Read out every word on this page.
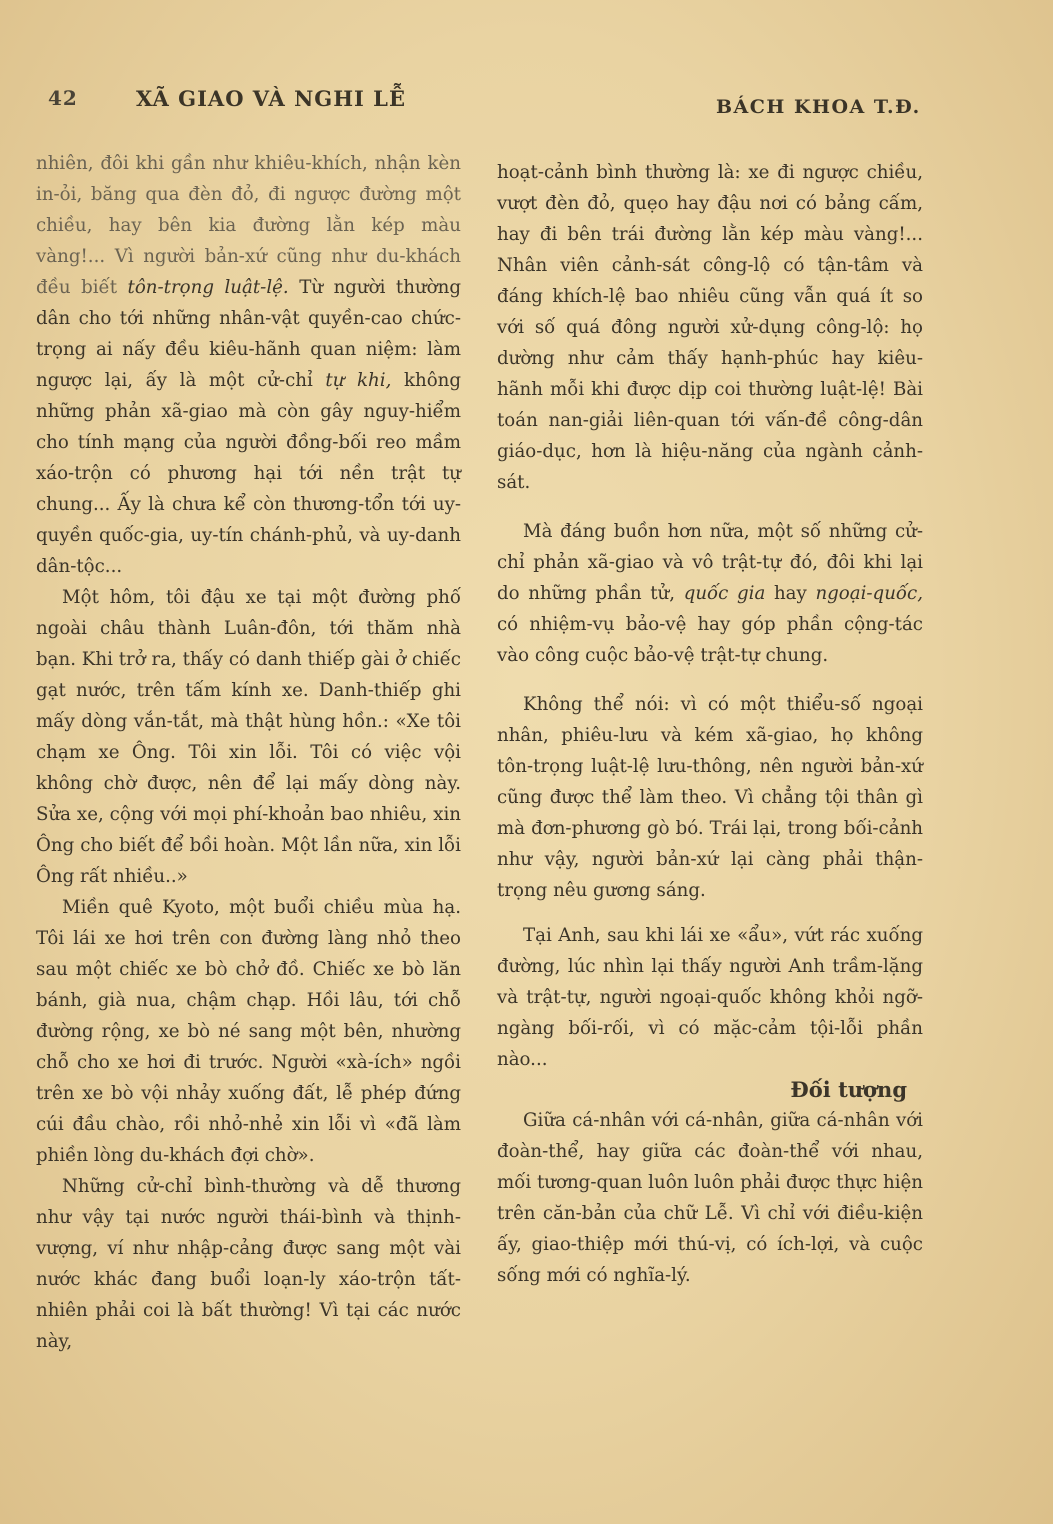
42	XÃ GIAO VÀ NGHI LỄ	BÁCH KHOA T.Đ.

nhiên, đôi khi gần như khiêu-khích, nhận kèn in-ỏi, băng qua đèn đỏ, đi ngược đường một chiều, hay bên kia đường lằn kép màu vàng!... Vì người bản-xứ cũng như du-khách đều biết tôn-trọng luật-lệ. Từ người thường dân cho tới những nhân-vật quyền-cao chức-trọng ai nấy đều kiêu-hãnh quan niệm: làm ngược lại, ấy là một cử-chỉ tự khi, không những phản xã-giao mà còn gây nguy-hiểm cho tính mạng của người đồng-bối reo mầm xáo-trộn có phương hại tới nền trật tự chung... Ấy là chưa kể còn thương-tổn tới uy-quyền quốc-gia, uy-tín chánh-phủ, và uy-danh dân-tộc...

Một hôm, tôi đậu xe tại một đường phố ngoài châu thành Luân-đôn, tới thăm nhà bạn. Khi trở ra, thấy có danh thiếp gài ở chiếc gạt nước, trên tấm kính xe. Danh-thiếp ghi mấy dòng vắn-tắt, mà thật hùng hồn.: «Xe tôi chạm xe Ông. Tôi xin lỗi. Tôi có việc vội không chờ được, nên để lại mấy dòng này. Sửa xe, cộng với mọi phí-khoản bao nhiêu, xin Ông cho biết để bồi hoàn. Một lần nữa, xin lỗi Ông rất nhiều..»

Miền quê Kyoto, một buổi chiều mùa hạ. Tôi lái xe hơi trên con đường làng nhỏ theo sau một chiếc xe bò chở đồ. Chiếc xe bò lăn bánh, già nua, chậm chạp. Hồi lâu, tới chỗ đường rộng, xe bò né sang một bên, nhường chỗ cho xe hơi đi trước. Người «xà-ích» ngồi trên xe bò vội nhảy xuống đất, lễ phép đứng cúi đầu chào, rồi nhỏ-nhẻ xin lỗi vì «đã làm phiền lòng du-khách đợi chờ».

Những cử-chỉ bình-thường và dễ thương như vậy tại nước người thái-bình và thịnh-vượng, ví như nhập-cảng được sang một vài nước khác đang buổi loạn-ly xáo-trộn tất-nhiên phải coi là bất thường! Vì tại các nước này,

hoạt-cảnh bình thường là: xe đi ngược chiều, vượt đèn đỏ, quẹo hay đậu nơi có bảng cấm, hay đi bên trái đường lằn kép màu vàng!... Nhân viên cảnh-sát công-lộ có tận-tâm và đáng khích-lệ bao nhiêu cũng vẫn quá ít so với số quá đông người xử-dụng công-lộ: họ dường như cảm thấy hạnh-phúc hay kiêu-hãnh mỗi khi được dịp coi thường luật-lệ! Bài toán nan-giải liên-quan tới vấn-đề công-dân giáo-dục, hơn là hiệu-năng của ngành cảnh-sát.

Mà đáng buồn hơn nữa, một số những cử-chỉ phản xã-giao và vô trật-tự đó, đôi khi lại do những phần tử, quốc gia hay ngoại-quốc, có nhiệm-vụ bảo-vệ hay góp phần cộng-tác vào công cuộc bảo-vệ trật-tự chung.

Không thể nói: vì có một thiểu-số ngoại nhân, phiêu-lưu và kém xã-giao, họ không tôn-trọng luật-lệ lưu-thông, nên người bản-xứ cũng được thể làm theo. Vì chẳng tội thân gì mà đơn-phương gò bó. Trái lại, trong bối-cảnh như vậy, người bản-xứ lại càng phải thận-trọng nêu gương sáng.

Tại Anh, sau khi lái xe «ẩu», vứt rác xuống đường, lúc nhìn lại thấy người Anh trầm-lặng và trật-tự, người ngoại-quốc không khỏi ngỡ-ngàng bối-rối, vì có mặc-cảm tội-lỗi phần nào...

Đối tượng

Giữa cá-nhân với cá-nhân, giữa cá-nhân với đoàn-thể, hay giữa các đoàn-thể với nhau, mối tương-quan luôn luôn phải được thực hiện trên căn-bản của chữ Lễ. Vì chỉ với điều-kiện ấy, giao-thiệp mới thú-vị, có ích-lợi, và cuộc sống mới có nghĩa-lý.
